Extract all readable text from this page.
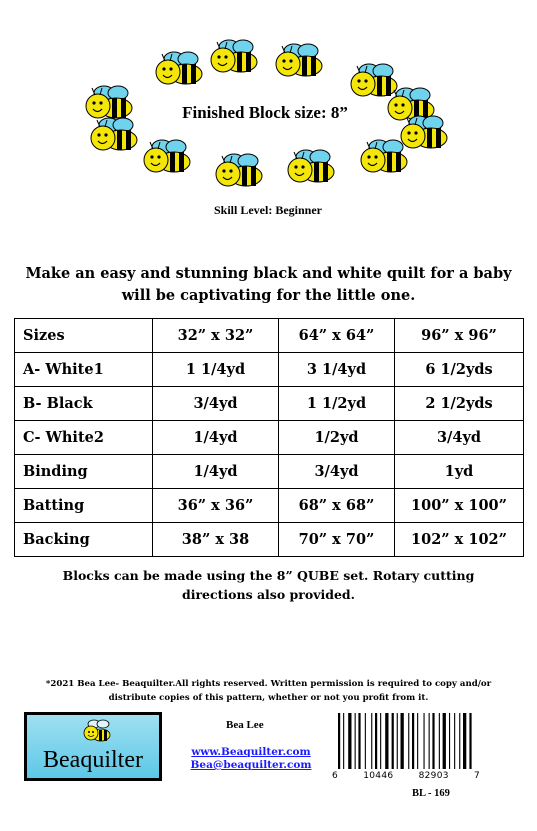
Finished Block size: 8”
Skill Level: Beginner
Make an easy and stunning black and white quilt for a baby
will be captivating for the little one.
Sizes	32” x 32”	64” x 64”	96” x 96”
A- White1	1 1/4yd	3 1/4yd	6 1/2yds
B- Black	3/4yd	1 1/2yd	2 1/2yds
C- White2	1/4yd	1/2yd	3/4yd
Binding	1/4yd	3/4yd	1yd
Batting	36” x 36”	68” x 68”	100” x 100”
Backing	38” x 38	70” x 70”	102” x 102”
Blocks can be made using the 8” QUBE set. Rotary cutting
directions also provided.
*2021 Bea Lee- Beaquilter.All rights reserved. Written permission is required to copy and/or
distribute copies of this pattern, whether or not you profit from it.
Beaquilter
Bea Lee
www.Beaquilter.com
Bea@beaquilter.com
6	10446	82903	7
BL - 169
